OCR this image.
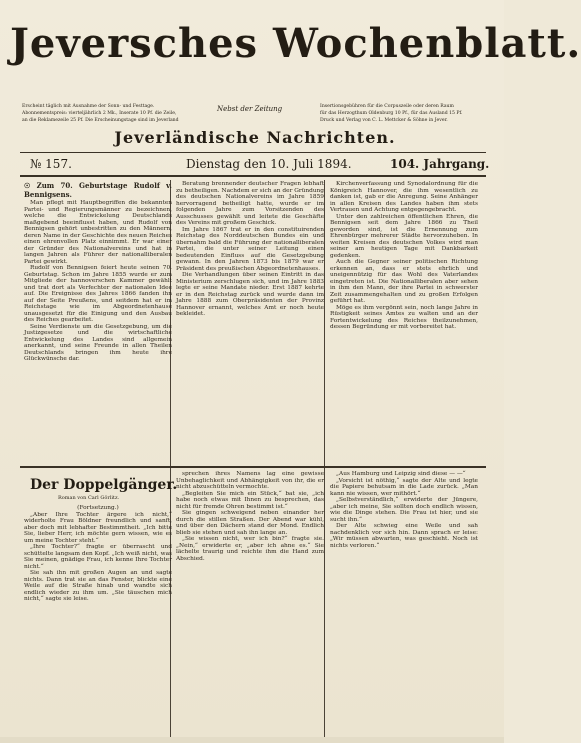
Jeversches Wochenblatt.
Erscheint täglich mit Ausnahme der Sonn- und Festtage.
Abonnementspreis: vierteljährlich 2 Mk., Inserate 10 Pf. die Zeile,
an die Reklamezeile 25 Pf. Die Erscheinungstage sind im Jeverland
Nebst der Zeitung	Insertionsgebühren für die Corpuszeile oder deren Raum
für das Herzogthum Oldenburg 10 Pf., für das Ausland 15 Pf.
Druck und Verlag von C. L. Mettcker & Söhne in Jever.
Jeverländische Nachrichten.
№ 157.	Dienstag den 10. Juli 1894.	104. Jahrgang.

☉ Zum 70. Geburtstage Rudolf v. Bennigsens.

Man pflegt mit Hauptbegriffen die bekannten Partei- und Regierungsmänner zu bezeichnen, welche die Entwickelung Deutschlands maßgebend beeinflusst haben, und Rudolf von Bennigsen gehört unbestritten zu den Männern, deren Name in der Geschichte des neuen Reiches einen ehrenvollen Platz einnimmt. Er war einer der Gründer des Nationalvereins und hat in langen Jahren als Führer der nationalliberalen Partei gewirkt.

Rudolf von Bennigsen feiert heute seinen 70. Geburtstag. Schon im Jahre 1855 wurde er zum Mitgliede der hannoverschen Kammer gewählt und trat dort als Verfechter der nationalen Idee auf. Die Ereignisse des Jahres 1866 fanden ihn auf der Seite Preußens, und seitdem hat er im Reichstage wie im Abgeordnetenhause unausgesetzt für die Einigung und den Ausbau des Reiches gearbeitet.

Seine Verdienste um die Gesetzgebung, um die Justizgesetze und die wirtschaftliche Entwickelung des Landes sind allgemein anerkannt, und seine Freunde in allen Theilen Deutschlands bringen ihm heute ihre Glückwünsche dar.

Beratung brennender deutscher Fragen lebhaft zu betheiligen. Nachdem er sich an der Gründung des deutschen Nationalvereins im Jahre 1859 hervorragend betheiligt hatte, wurde er im folgenden Jahre zum Vorsitzenden des Ausschusses gewählt und leitete die Geschäfte des Vereins mit großem Geschick.

Im Jahre 1867 trat er in den constituirenden Reichstag des Norddeutschen Bundes ein und übernahm bald die Führung der nationalliberalen Partei, die unter seiner Leitung einen bedeutenden Einfluss auf die Gesetzgebung gewann. In den Jahren 1873 bis 1879 war er Präsident des preußischen Abgeordnetenhauses.

Die Verhandlungen über seinen Eintritt in das Ministerium zerschlugen sich, und im Jahre 1883 legte er seine Mandate nieder. Erst 1887 kehrte er in den Reichstag zurück und wurde dann im Jahre 1888 zum Oberpräsidenten der Provinz Hannover ernannt, welches Amt er noch heute bekleidet.

Kirchenverfassung und Synodalordnung für die Königreich Hannover, die ihm wesentlich zu danken ist, gab er die Anregung. Seine Anhänger in allen Kreisen des Landes haben ihm stets Vertrauen und Achtung entgegengebracht.

Unter den zahlreichen öffentlichen Ehren, die Bennigsen seit dem Jahre 1866 zu Theil geworden sind, ist die Ernennung zum Ehrenbürger mehrerer Städte hervorzuheben. In weiten Kreisen des deutschen Volkes wird man seiner am heutigen Tage mit Dankbarkeit gedenken.

Auch die Gegner seiner politischen Richtung erkennen an, dass er stets ehrlich und uneigennützig für das Wohl des Vaterlandes eingetreten ist. Die Nationalliberalen aber sehen in ihm den Mann, der ihre Partei in schwerster Zeit zusammengehalten und zu großen Erfolgen geführt hat.

Möge es ihm vergönnt sein, noch lange Jahre in Rüstigkeit seines Amtes zu walten und an der Fortentwickelung des Reiches theilzunehmen, dessen Begründung er mit vorbereitet hat.

Der Doppelgänger.
Roman von Carl Görlitz.

(Fortsetzung.)

„Aber Ihre Tochter ärgere ich nicht,“ widerholte Frau Böldner freundlich und sanft, aber doch mit lebhafter Bestimmtheit. „Ich bitte Sie, lieber Herr, ich möchte gern wissen, wie es um meine Tochter steht.“

„Ihre Tochter?“ fragte er überrascht und schüttelte langsam den Kopf. „Ich weiß nicht, was Sie meinen, gnädige Frau, ich kenne Ihre Tochter nicht.“

Sie sah ihn mit großen Augen an und sagte nichts. Dann trat sie an das Fenster, blickte eine Weile auf die Straße hinab und wandte sich endlich wieder zu ihm um. „Sie täuschen mich nicht,“ sagte sie leise.

sprechen ihres Namens lag eine gewisse Unbehaglichkeit und Abhängigkeit von ihr, die er nicht abzuschütteln vermochte.

„Begleiten Sie mich ein Stück,“ bat sie, „ich habe noch etwas mit Ihnen zu besprechen, das nicht für fremde Ohren bestimmt ist.“

Sie gingen schweigend neben einander her durch die stillen Straßen. Der Abend war kühl, und über den Dächern stand der Mond. Endlich blieb sie stehen und sah ihn lange an.

„Sie wissen nicht, wer ich bin?“ fragte sie. „Nein,“ erwiderte er, „aber ich ahne es.“ Sie lächelte traurig und reichte ihm die Hand zum Abschied.

„Aus Hamburg und Leipzig sind diese — —“

„Vorsicht ist nöthig,“ sagte der Alte und legte die Papiere behutsam in die Lade zurück. „Man kann nie wissen, wer mithört.“

„Selbstverständlich,“ erwiderte der Jüngere, „aber ich meine, Sie sollten doch endlich wissen, wie die Dinge stehen. Die Frau ist hier, und sie sucht ihn.“

Der Alte schwieg eine Weile und sah nachdenklich vor sich hin. Dann sprach er leise: „Wir müssen abwarten, was geschieht. Noch ist nichts verloren.“
